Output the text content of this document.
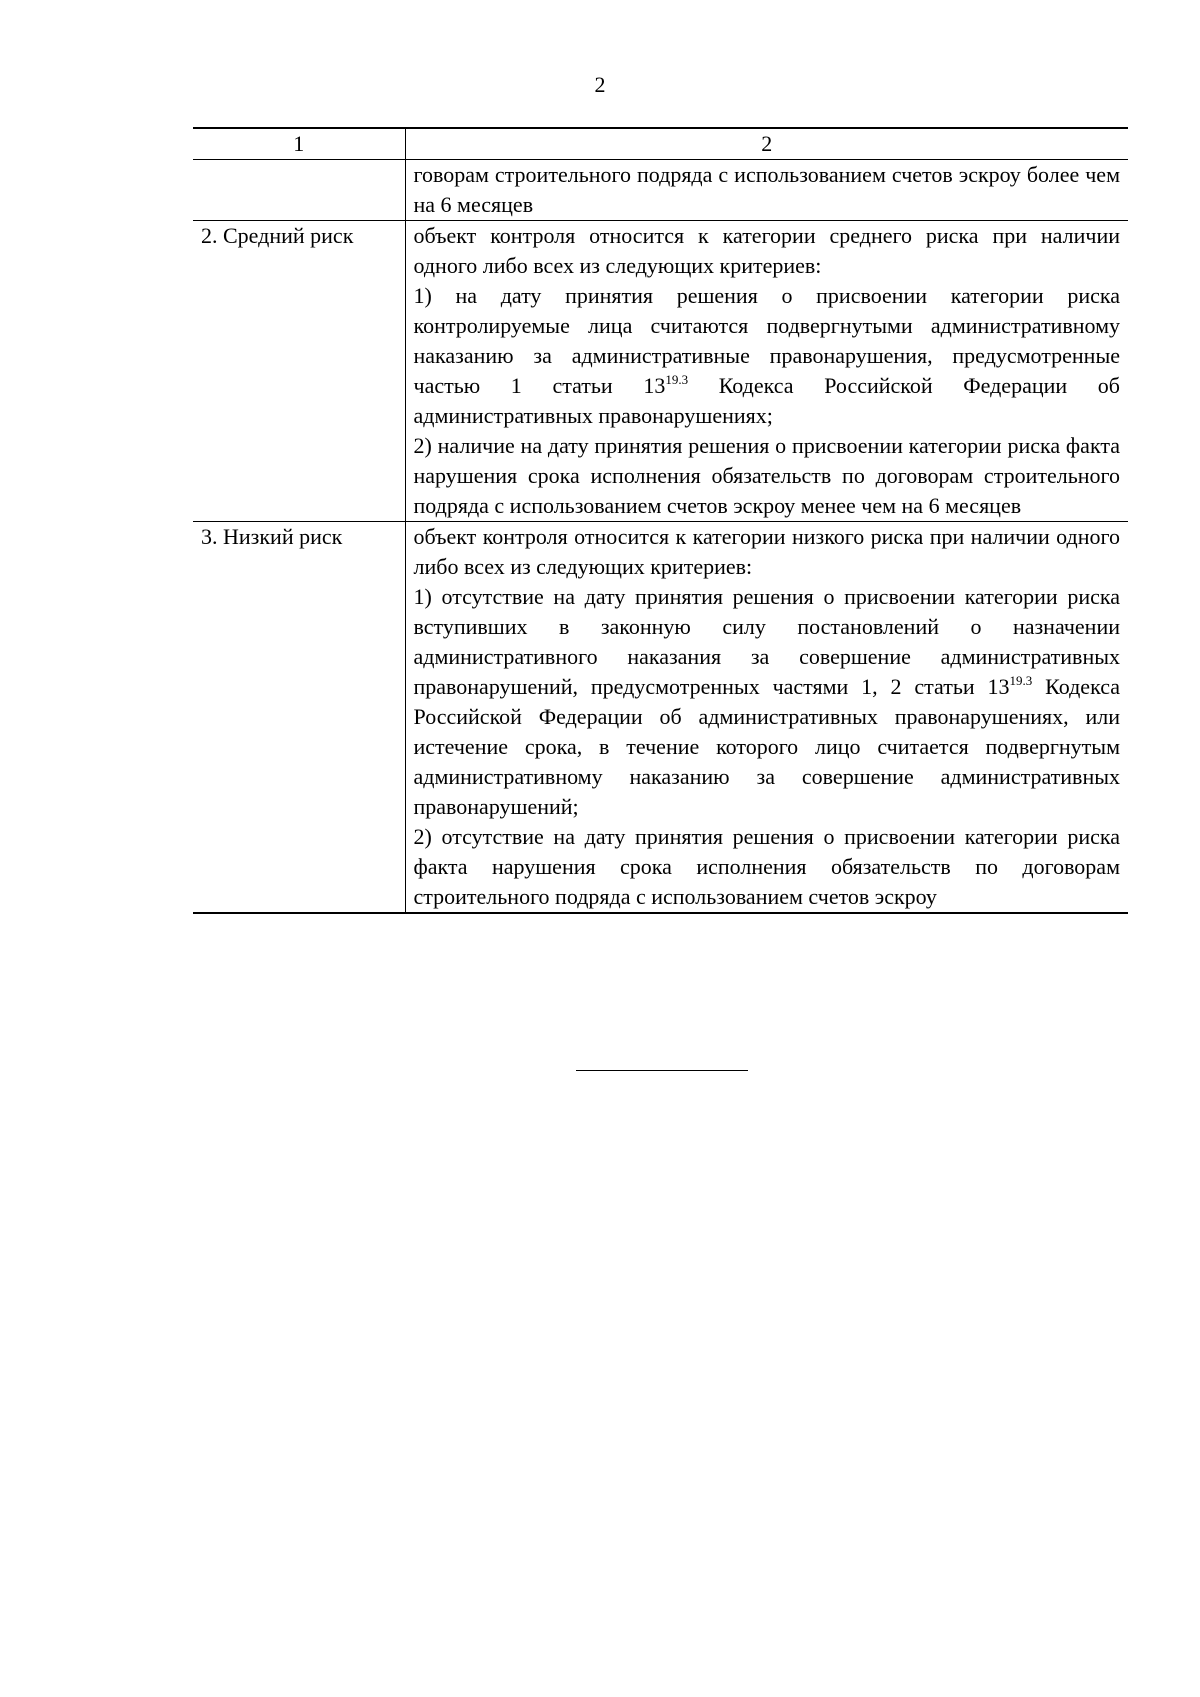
2
1	2

	говорам строительного подряда с использованием счетов эскроу более чем на 6 месяцев

2. Средний риск	объект контроля относится к категории среднего риска при наличии одного либо всех из следующих критериев:
1) на дату принятия решения о присвоении категории риска контролируемые лица считаются подвергнутыми административному наказанию за административные правонарушения, предусмотренные частью 1 статьи $13^{19.3}$ Кодекса Российской Федерации об административных правонарушениях;
2) наличие на дату принятия решения о присвоении категории риска факта нарушения срока исполнения обязательств по договорам строительного подряда с использованием счетов эскроу менее чем на 6 месяцев

3. Низкий риск	объект контроля относится к категории низкого риска при наличии одного либо всех из следующих критериев:
1) отсутствие на дату принятия решения о присвоении категории риска вступивших в законную силу постановлений о назначении административного наказания за совершение административных правонарушений, предусмотренных частями 1, 2 статьи $13^{19.3}$ Кодекса Российской Федерации об административных правонарушениях, или истечение срока, в течение которого лицо считается подвергнутым административному наказанию за совершение административных правонарушений;
2) отсутствие на дату принятия решения о присвоении категории риска факта нарушения срока исполнения обязательств по договорам строительного подряда с использованием счетов эскроу
